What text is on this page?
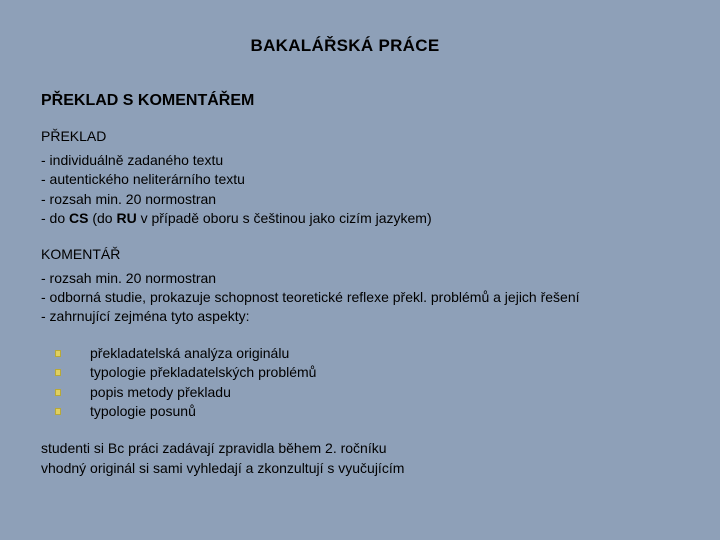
BAKALÁŘSKÁ PRÁCE
PŘEKLAD S KOMENTÁŘEM
PŘEKLAD
- individuálně zadaného textu
- autentického neliterárního textu
- rozsah min. 20 normostran
- do CS (do RU v případě oboru s češtinou jako cizím jazykem)
KOMENTÁŘ
- rozsah min. 20 normostran
- odborná studie, prokazuje schopnost teoretické reflexe překl. problémů a jejich řešení
- zahrnující zejména tyto aspekty:
překladatelská analýza originálu
typologie překladatelských problémů
popis metody překladu
typologie posunů
studenti si Bc práci zadávají zpravidla během 2. ročníku
vhodný originál si sami vyhledají a zkonzultují s vyučujícím
